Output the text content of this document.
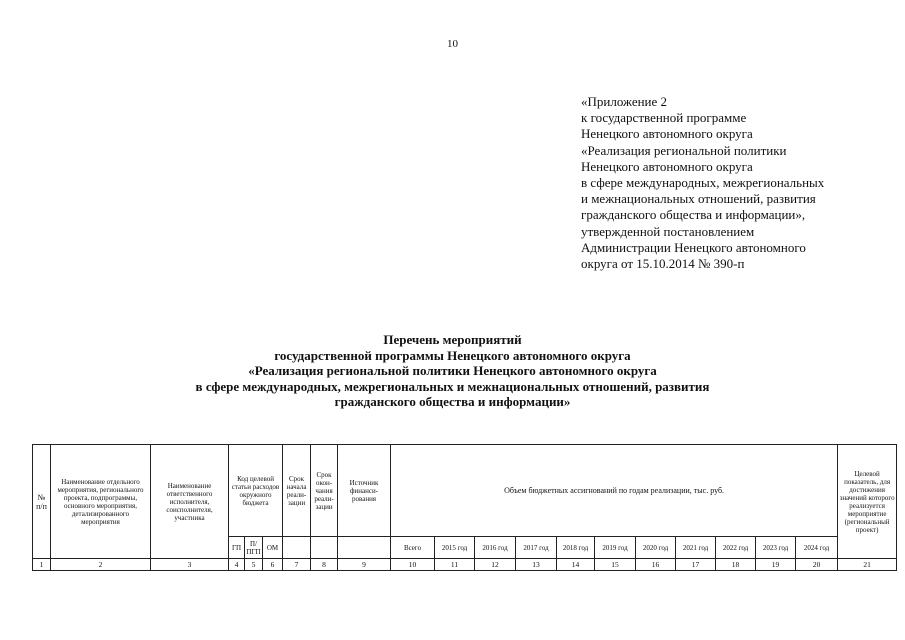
10
«Приложение 2
к государственной программе
Ненецкого автономного округа
«Реализация региональной политики
Ненецкого автономного округа
в сфере международных, межрегиональных
и межнациональных отношений, развития
гражданского общества и информации»,
утвержденной постановлением
Администрации Ненецкого автономного
округа от 15.10.2014 № 390-п
Перечень мероприятий
государственной программы Ненецкого автономного округа
«Реализация региональной политики Ненецкого автономного округа
в сфере международных, межрегиональных и межнациональных отношений, развития
гражданского общества и информации»
№ п/п	Наименование отдельного мероприятия, регионального проекта, подпрограммы, основного мероприятия, детализированного мероприятия	Наименование ответственного исполнителя, соисполнителя, участника	Код целевой статьи расходов окружного бюджета			Срок начала реали-зации	Срок окон-чания реали-зации	Источник финанси-рования	Объем бюджетных ассигнований по годам реализации, тыс. руб.											Целевой показатель, для достижения значений которого реализуется мероприятие (региональный проект)
			ГП	П/ ПГП	ОМ				Всего	2015 год	2016 год	2017 год	2018 год	2019 год	2020 год	2021 год	2022 год	2023 год	2024 год	
1	2	3	4	5	6	7	8	9	10	11	12	13	14	15	16	17	18	19	20	21
